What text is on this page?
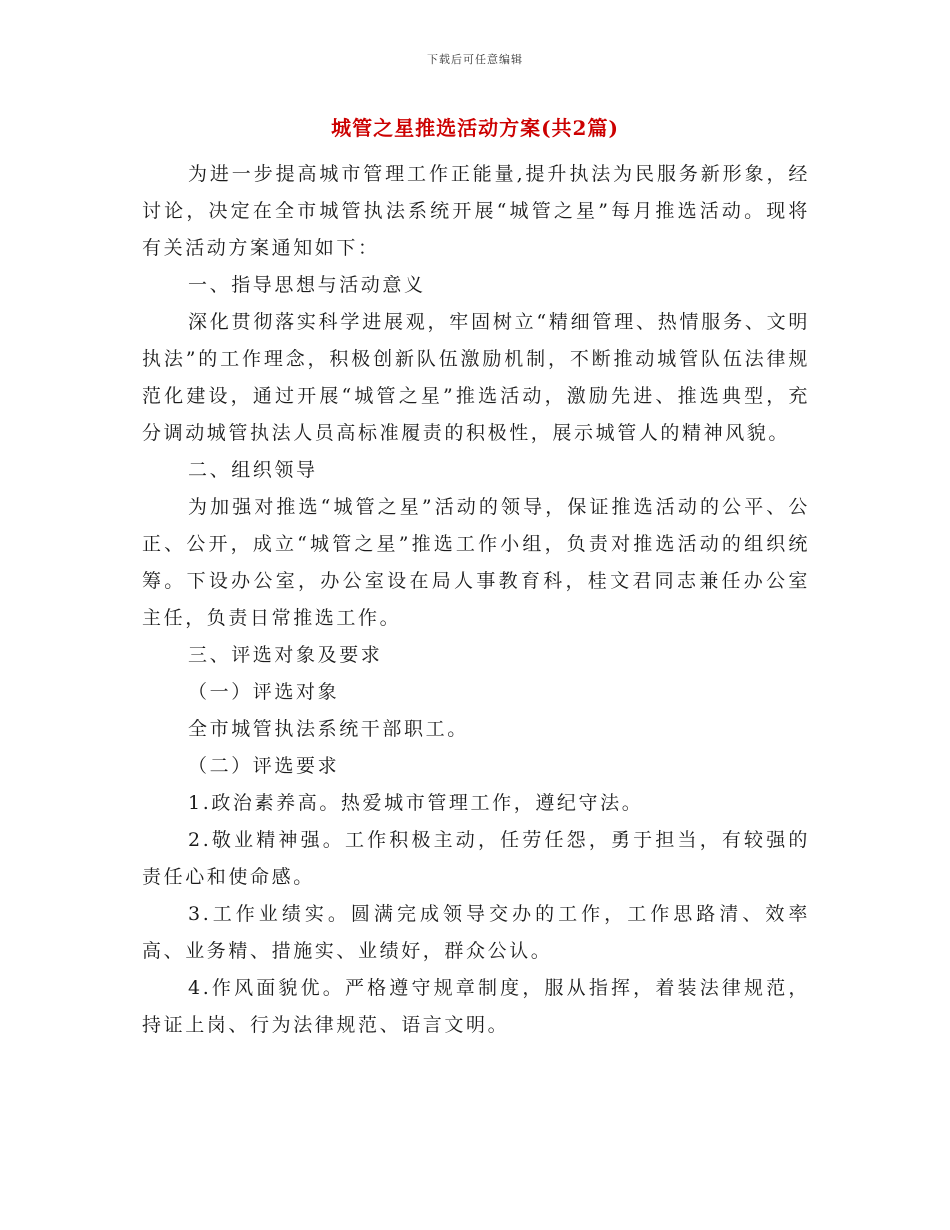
下载后可任意编辑
城管之星推选活动方案(共2篇)

为进一步提高城市管理工作正能量,提升执法为民服务新形象，经讨论，决定在全市城管执法系统开展“城管之星”每月推选活动。现将有关活动方案通知如下：

一、指导思想与活动意义

深化贯彻落实科学进展观，牢固树立“精细管理、热情服务、文明执法”的工作理念，积极创新队伍激励机制，不断推动城管队伍法律规范化建设，通过开展“城管之星”推选活动，激励先进、推选典型，充分调动城管执法人员高标准履责的积极性，展示城管人的精神风貌。

二、组织领导

为加强对推选“城管之星”活动的领导，保证推选活动的公平、公正、公开，成立“城管之星”推选工作小组，负责对推选活动的组织统筹。下设办公室，办公室设在局人事教育科，桂文君同志兼任办公室主任，负责日常推选工作。

三、评选对象及要求

（一）评选对象

全市城管执法系统干部职工。

（二）评选要求

1.政治素养高。热爱城市管理工作，遵纪守法。

2.敬业精神强。工作积极主动，任劳任怨，勇于担当，有较强的责任心和使命感。

3.工作业绩实。圆满完成领导交办的工作，工作思路清、效率高、业务精、措施实、业绩好，群众公认。

4.作风面貌优。严格遵守规章制度，服从指挥，着装法律规范，持证上岗、行为法律规范、语言文明。
